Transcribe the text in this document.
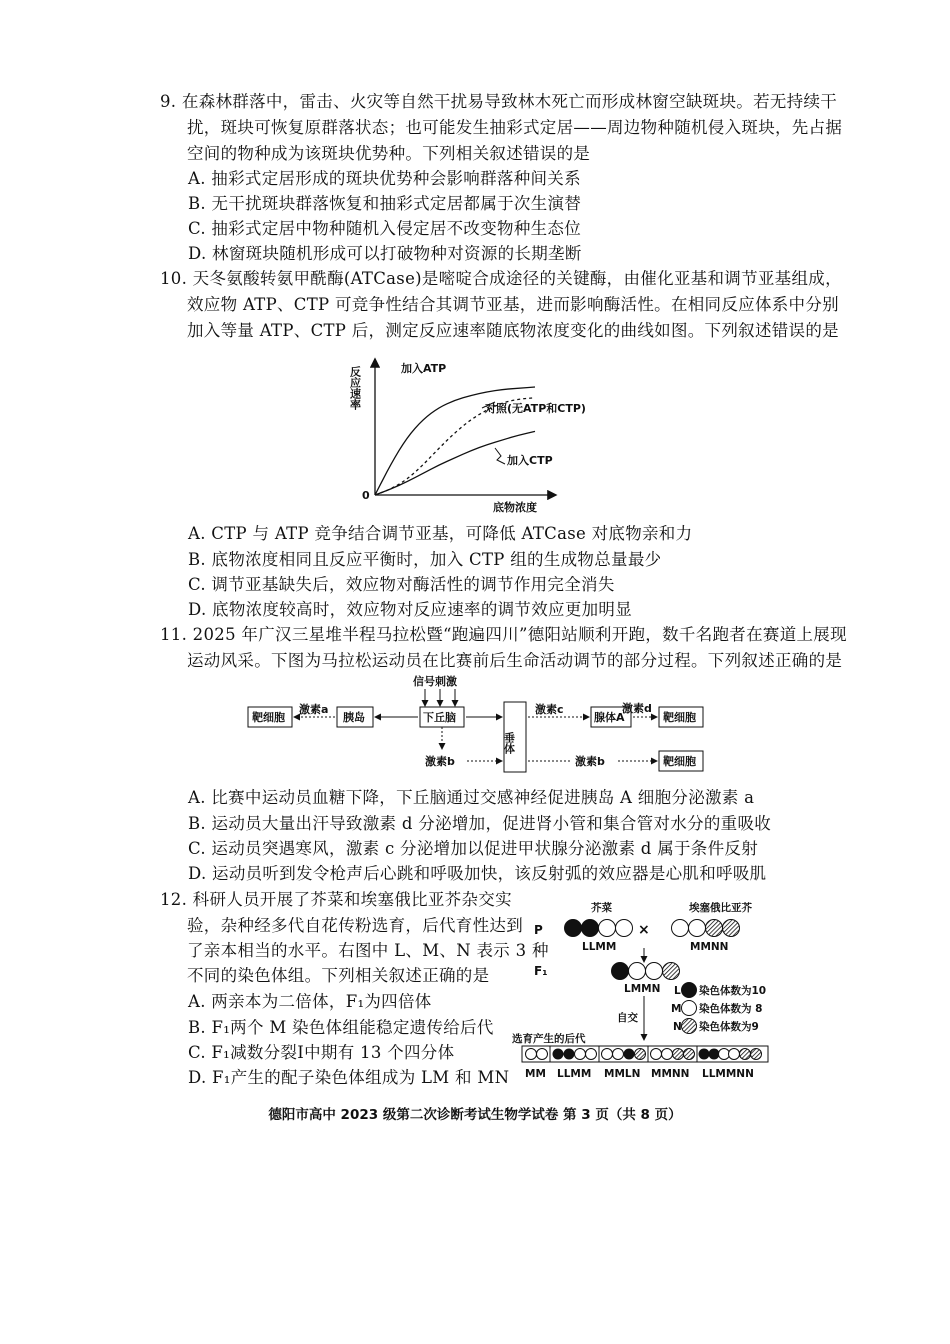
9. 在森林群落中，雷击、火灾等自然干扰易导致林木死亡而形成林窗空缺斑块。若无持续干
扰，斑块可恢复原群落状态；也可能发生抽彩式定居——周边物种随机侵入斑块，先占据
空间的物种成为该斑块优势种。下列相关叙述错误的是
A. 抽彩式定居形成的斑块优势种会影响群落种间关系
B. 无干扰斑块群落恢复和抽彩式定居都属于次生演替
C. 抽彩式定居中物种随机入侵定居不改变物种生态位
D. 林窗斑块随机形成可以打破物种对资源的长期垄断
10. 天冬氨酸转氨甲酰酶(ATCase)是嘧啶合成途径的关键酶，由催化亚基和调节亚基组成，
效应物 ATP、CTP 可竞争性结合其调节亚基，进而影响酶活性。在相同反应体系中分别
加入等量 ATP、CTP 后，测定反应速率随底物浓度变化的曲线如图。下列叙述错误的是
反应速率
底物浓度
0
加入ATP
对照(无ATP和CTP)
加入CTP
A. CTP 与 ATP 竞争结合调节亚基，可降低 ATCase 对底物亲和力
B. 底物浓度相同且反应平衡时，加入 CTP 组的生成物总量最少
C. 调节亚基缺失后，效应物对酶活性的调节作用完全消失
D. 底物浓度较高时，效应物对反应速率的调节效应更加明显
11. 2025 年广汉三星堆半程马拉松暨“跑遍四川”德阳站顺利开跑，数千名跑者在赛道上展现
运动风采。下图为马拉松运动员在比赛前后生命活动调节的部分过程。下列叙述正确的是
信号刺激
靶细胞
激素a
胰岛	下丘脑
激素b
垂体
激素c
腺体A
激素d
靶细胞
激素b	靶细胞
A. 比赛中运动员血糖下降，下丘脑通过交感神经促进胰岛 A 细胞分泌激素 a
B. 运动员大量出汗导致激素 d 分泌增加，促进肾小管和集合管对水分的重吸收
C. 运动员突遇寒风，激素 c 分泌增加以促进甲状腺分泌激素 d 属于条件反射
D. 运动员听到发令枪声后心跳和呼吸加快，该反射弧的效应器是心肌和呼吸肌
12. 科研人员开展了芥菜和埃塞俄比亚芥杂交实
验，杂种经多代自花传粉选育，后代育性达到
了亲本相当的水平。右图中 L、M、N 表示 3 种
不同的染色体组。下列相关叙述正确的是
A. 两亲本为二倍体，F₁为四倍体
B. F₁两个 M 染色体组能稳定遗传给后代
C. F₁减数分裂Ⅰ中期有 13 个四分体
D. F₁产生的配子染色体组成为 LM 和 MN
芥菜	埃塞俄比亚芥
P
LLMM
×
MMNN
F₁
LMMN
自交
L 染色体数为10
M 染色体数为 8
N 染色体数为9
选育产生的后代
MM LLMM MMLN MMNN LLMMNN
德阳市高中 2023 级第二次诊断考试生物学试卷 第 3 页（共 8 页）
